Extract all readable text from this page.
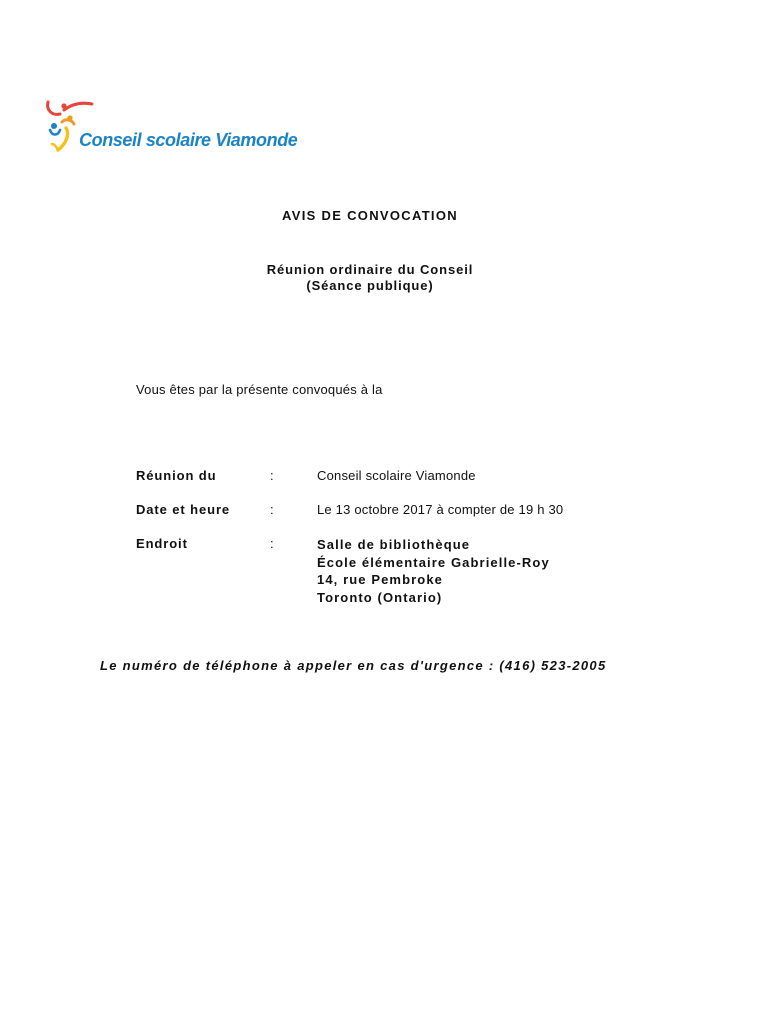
Conseil scolaire Viamonde
AVIS DE CONVOCATION
Réunion ordinaire du Conseil
(Séance publique)
Vous êtes par la présente convoqués à la
Réunion du	:	Conseil scolaire Viamonde
Date et heure	:	Le 13 octobre 2017 à compter de 19 h 30
Endroit	:	Salle de bibliothèque
École élémentaire Gabrielle-Roy
14, rue Pembroke
Toronto (Ontario)
Le numéro de téléphone à appeler en cas d'urgence : (416) 523-2005
